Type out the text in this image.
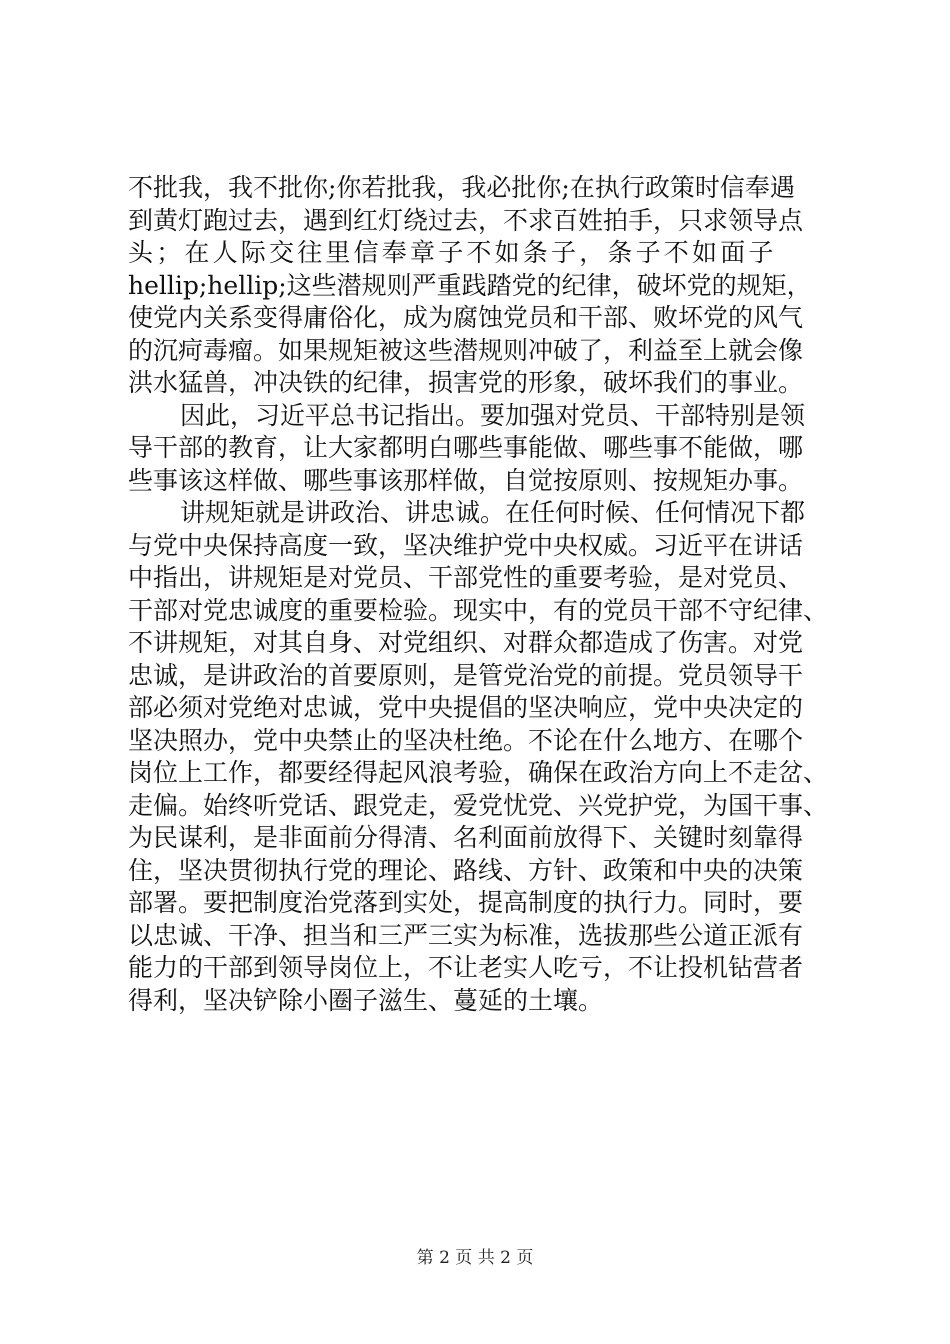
不批我，我不批你;你若批我，我必批你;在执行政策时信奉遇
到黄灯跑过去，遇到红灯绕过去，不求百姓拍手，只求领导点
头；在人际交往里信奉章子不如条子，条子不如面子
hellip;hellip;这些潜规则严重践踏党的纪律，破坏党的规矩，
使党内关系变得庸俗化，成为腐蚀党员和干部、败坏党的风气
的沉疴毒瘤。如果规矩被这些潜规则冲破了，利益至上就会像
洪水猛兽，冲决铁的纪律，损害党的形象，破坏我们的事业。
因此，习近平总书记指出。要加强对党员、干部特别是领
导干部的教育，让大家都明白哪些事能做、哪些事不能做，哪
些事该这样做、哪些事该那样做，自觉按原则、按规矩办事。
讲规矩就是讲政治、讲忠诚。在任何时候、任何情况下都
与党中央保持高度一致，坚决维护党中央权威。习近平在讲话
中指出，讲规矩是对党员、干部党性的重要考验，是对党员、
干部对党忠诚度的重要检验。现实中，有的党员干部不守纪律、
不讲规矩，对其自身、对党组织、对群众都造成了伤害。对党
忠诚，是讲政治的首要原则，是管党治党的前提。党员领导干
部必须对党绝对忠诚，党中央提倡的坚决响应，党中央决定的
坚决照办，党中央禁止的坚决杜绝。不论在什么地方、在哪个
岗位上工作，都要经得起风浪考验，确保在政治方向上不走岔、
走偏。始终听党话、跟党走，爱党忧党、兴党护党，为国干事、
为民谋利，是非面前分得清、名利面前放得下、关键时刻靠得
住，坚决贯彻执行党的理论、路线、方针、政策和中央的决策
部署。要把制度治党落到实处，提高制度的执行力。同时，要
以忠诚、干净、担当和三严三实为标准，选拔那些公道正派有
能力的干部到领导岗位上，不让老实人吃亏，不让投机钻营者
得利，坚决铲除小圈子滋生、蔓延的土壤。
第 2 页 共 2 页
